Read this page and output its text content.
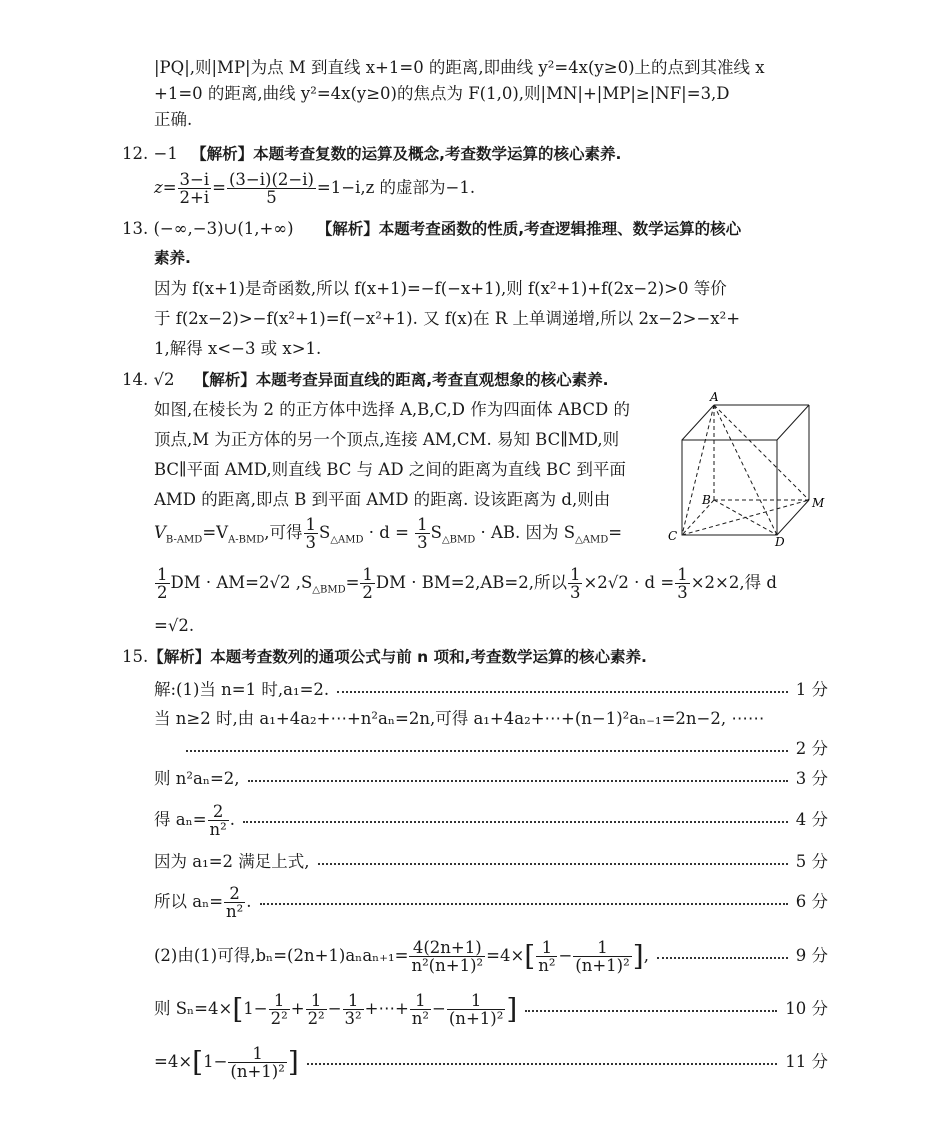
|PQ|,则|MP|为点 M 到直线 x+1=0 的距离,即曲线 y²=4x(y≥0)上的点到其准线 x
+1=0 的距离,曲线 y²=4x(y≥0)的焦点为 F(1,0),则|MN|+|MP|≥|NF|=3,D
正确.
12. −1 【解析】本题考查复数的运算及概念,考查数学运算的核心素养.
$z= \frac{3-i}{2+i} = \frac{(3-i)(2-i)}{5} =1-i,z$ 的虚部为−1.
13. (−∞,−3)∪(1,+∞) 【解析】本题考查函数的性质,考查逻辑推理、数学运算的核心
素养.
因为 f(x+1)是奇函数,所以 f(x+1)=−f(−x+1),则 f(x²+1)+f(2x−2)>0 等价
于 f(2x−2)>−f(x²+1)=f(−x²+1). 又 f(x)在 R 上单调递增,所以 2x−2>−x²+
1,解得 x<−3 或 x>1.
14. √2 【解析】本题考查异面直线的距离,考查直观想象的核心素养.
如图,在棱长为 2 的正方体中选择 A,B,C,D 作为四面体 ABCD 的
顶点,M 为正方体的另一个顶点,连接 AM,CM. 易知 BC∥MD,则
BC∥平面 AMD,则直线 BC 与 AD 之间的距离为直线 BC 到平面
AMD 的距离,即点 B 到平面 AMD 的距离. 设该距离为 d,则由
$V_{B-AMD}=V_{A-BMD}$,可得 $\frac{1}{3} S_{\triangle AMD} \cdot d = \frac{1}{3} S_{\triangle BMD}$ · AB. 因为 $S_{\triangle AMD}=$
$\frac{1}{2}$ DM · AM=2√2 $,S_{\triangle BMD}= \frac{1}{2}$ DM · BM=2,AB=2,所以 $\frac{1}{3} \times 2√2 \cdot d = \frac{1}{3} \times 2\times 2$,得 d
=√2.
A
B
C	D
M
15.【解析】本题考查数列的通项公式与前 n 项和,考查数学运算的核心素养.
解:(1)当 n=1 时,a₁=2.	1 分
当 n≥2 时,由 a₁+4a₂+⋯+n²aₙ=2n,可得 a₁+4a₂+⋯+(n−1)²aₙ₋₁=2n−2, ⋯⋯
2 分
则 n²aₙ=2,	3 分
得 $a_n= \frac{2}{\text{n²}}$ .	4 分
因为 a₁=2 满足上式,	5 分
所以 $a_n= \frac{2}{\text{n²}}$ .	6 分
(2)由(1)可得$,b_n=(2n+1)a_na_{n+1}= \frac{4(2n+1)}{\text{n²(n+1)²}} =4\times[ \frac{1}{\text{n²}} - \frac{1}{\text{(n+1)²}}$ ],	9 分
则 $S_n=4\times[1- \frac{1}{\text{2²}} + \frac{1}{\text{2²}} - \frac{1}{\text{3²}}$ +⋯+ $\frac{1}{\text{n²}} - \frac{1}{\text{(n+1)²}}$ ]	10 分
$=4\times[1- \frac{1}{\text{(n+1)²}}$ ]	11 分
